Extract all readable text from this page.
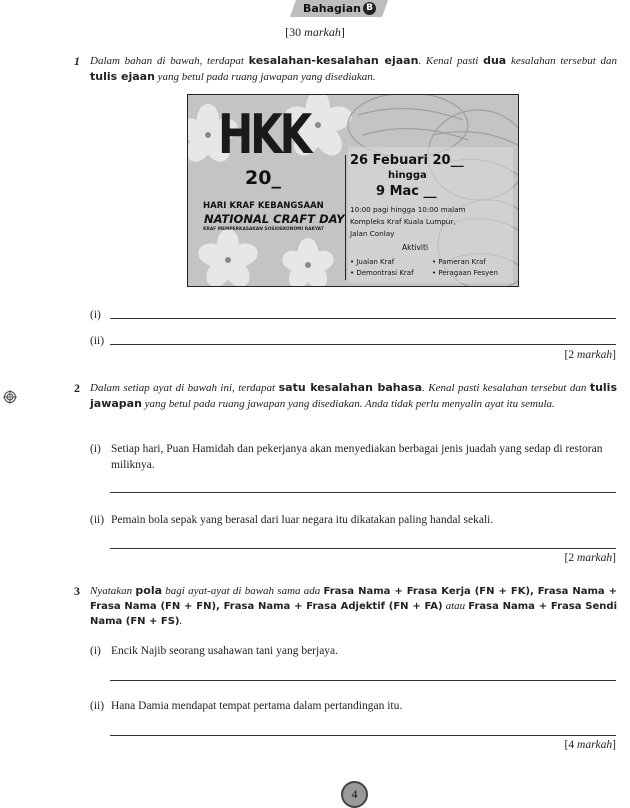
Bahagian B
[30 markah]
1 Dalam bahan di bawah, terdapat kesalahan-kesalahan ejaan. Kenal pasti dua kesalahan tersebut dan tulis ejaan yang betul pada ruang jawapan yang disediakan.
HKK
20_
HARI KRAF KEBANGSAAN
NATIONAL CRAFT DAY
KRAF MEMPERKASAKAN SOSIOEKONOMI RAKYAT
26 Febuari 20__
hingga
9 Mac __
10:00 pagi hingga 10:00 malam
Kompleks Kraf Kuala Lumpur,
Jalan Conlay
Aktiviti
• Jualan Kraf	• Pameran Kraf
• Demontrasi Kraf	• Peragaan Fesyen
(i)
(ii)
[2 markah]
2 Dalam setiap ayat di bawah ini, terdapat satu kesalahan bahasa. Kenal pasti kesalahan tersebut dan tulis jawapan yang betul pada ruang jawapan yang disediakan. Anda tidak perlu menyalin ayat itu semula.
(i) Setiap hari, Puan Hamidah dan pekerjanya akan menyediakan berbagai jenis juadah yang sedap di restoran miliknya.
(ii) Pemain bola sepak yang berasal dari luar negara itu dikatakan paling handal sekali.
[2 markah]
3 Nyatakan pola bagi ayat-ayat di bawah sama ada Frasa Nama + Frasa Kerja (FN + FK), Frasa Nama + Frasa Nama (FN + FN), Frasa Nama + Frasa Adjektif (FN + FA) atau Frasa Nama + Frasa Sendi Nama (FN + FS).
(i) Encik Najib seorang usahawan tani yang berjaya.
(ii) Hana Damia mendapat tempat pertama dalam pertandingan itu.
[4 markah]
4
